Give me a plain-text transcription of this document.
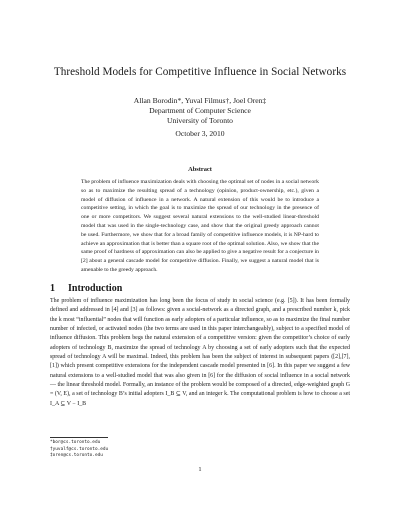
Threshold Models for Competitive Influence in Social Networks
Allan Borodin*, Yuval Filmus†, Joel Oren‡
Department of Computer Science
University of Toronto
October 3, 2010
Abstract
The problem of influence maximization deals with choosing the optimal set of nodes in a social network so as to maximize the resulting spread of a technology (opinion, product-ownership, etc.), given a model of diffusion of influence in a network. A natural extension of this would be to introduce a competitive setting, in which the goal is to maximize the spread of our technology in the presence of one or more competitors. We suggest several natural extensions to the well-studied linear-threshold model that was used in the single-technology case, and show that the original greedy approach cannot be used. Furthermore, we show that for a broad family of competitive influence models, it is NP-hard to achieve an approximation that is better than a square root of the optimal solution. Also, we show that the same proof of hardness of approximation can also be applied to give a negative result for a conjecture in [2] about a general cascade model for competitive diffusion. Finally, we suggest a natural model that is amenable to the greedy approach.
1 Introduction
The problem of influence maximization has long been the focus of study in social science (e.g. [5]). It has been formally defined and addressed in [4] and [3] as follows: given a social-network as a directed graph, and a prescribed number k, pick the k most “influential” nodes that will function as early adopters of a particular influence, so as to maximize the final number number of infected, or activated nodes (the two terms are used in this paper interchangeably), subject to a specified model of influence diffusion. This problem begs the natural extension of a competitive version: given the competitor’s choice of early adopters of technology B, maximize the spread of technology A by choosing a set of early adopters such that the expected spread of technology A will be maximal. Indeed, this problem has been the subject of interest in subsequent papers ([2],[7],[1]) which present competitive extensions for the independent cascade model presented in [6]. In this paper we suggest a few natural extensions to a well-studied model that was also given in [6] for the diffusion of social influence in a social network — the linear threshold model. Formally, an instance of the problem would be composed of a directed, edge-weighted graph G = (V, E), a set of technology B’s initial adopters I_B ⊆ V, and an integer k. The computational problem is how to choose a set I_A ⊆ V − I_B
*bor@cs.toronto.edu
†yuvalf@cs.toronto.edu
‡oren@cs.toronto.edu
1
